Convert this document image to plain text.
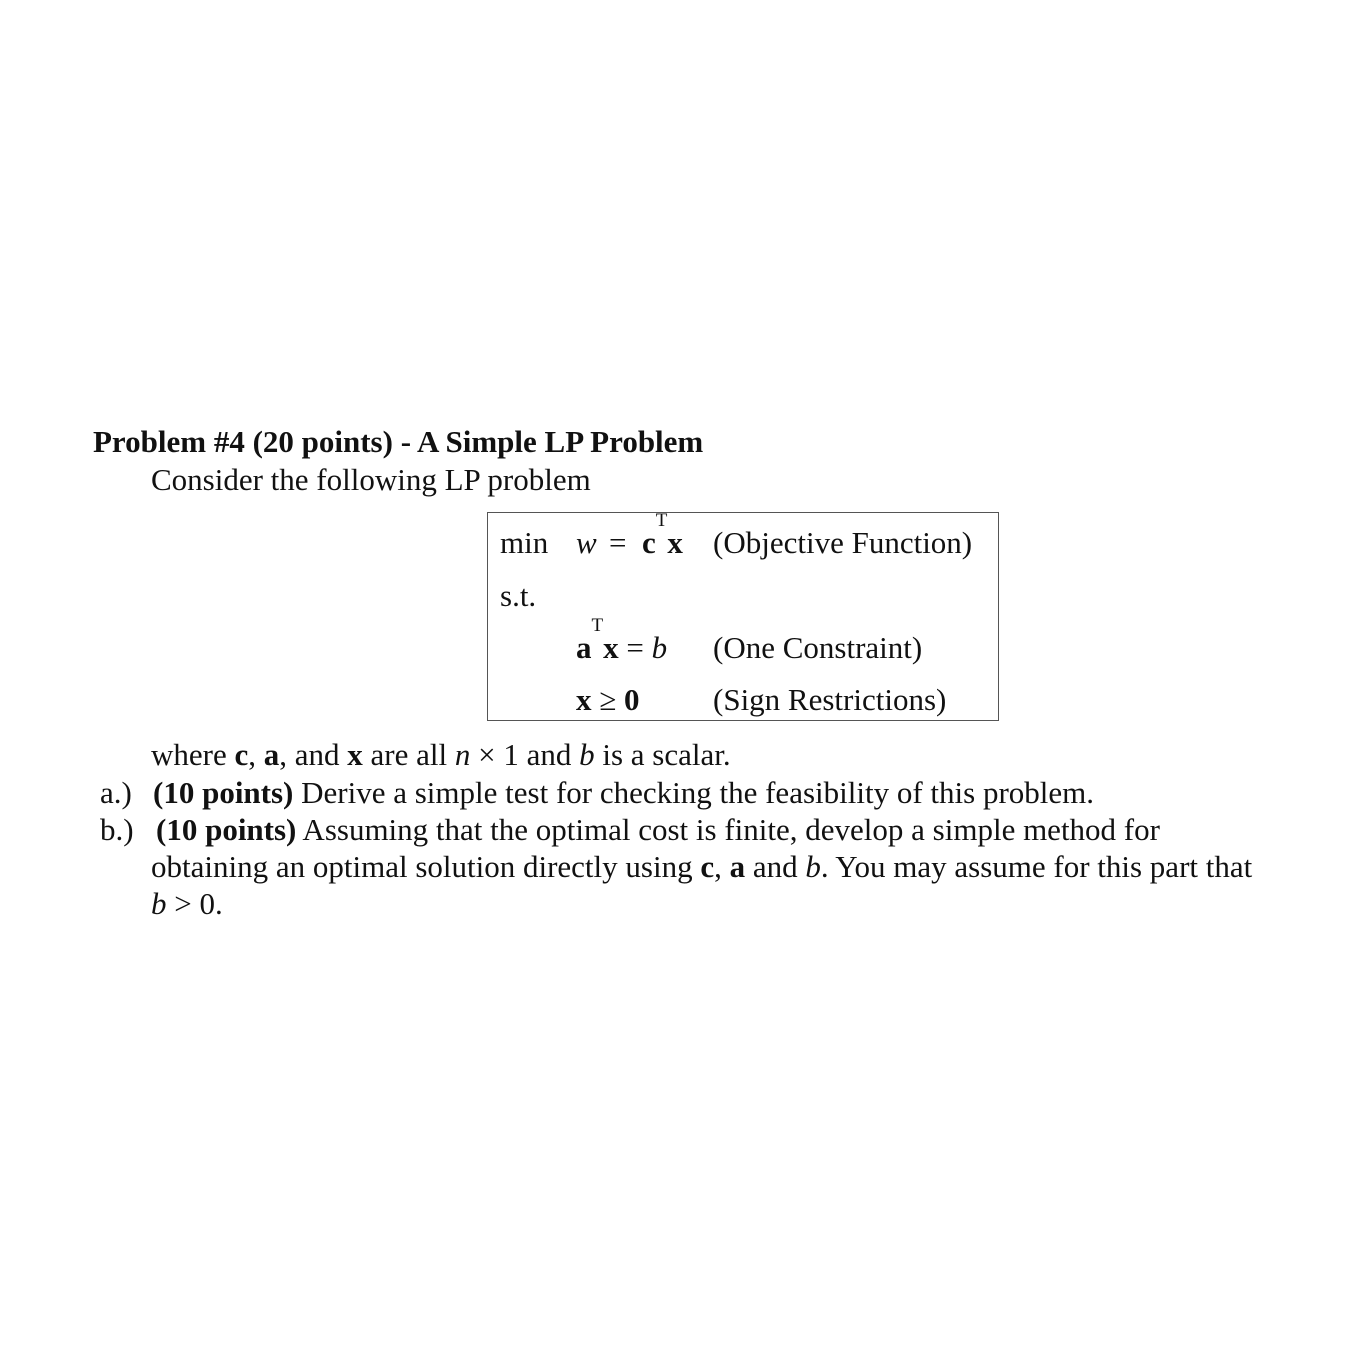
Problem #4 (20 points) - A Simple LP Problem
Consider the following LP problem
$\min w = c^Tx$ (Objective Function)
s.t.
$a^Tx = b$ (One Constraint)
x ≥ 0 (Sign Restrictions)
where c, a, and x are all n × 1 and b is a scalar.
a.) (10 points) Derive a simple test for checking the feasibility of this problem.
b.) (10 points) Assuming that the optimal cost is finite, develop a simple method for
obtaining an optimal solution directly using c, a and b. You may assume for this part that
b > 0.
